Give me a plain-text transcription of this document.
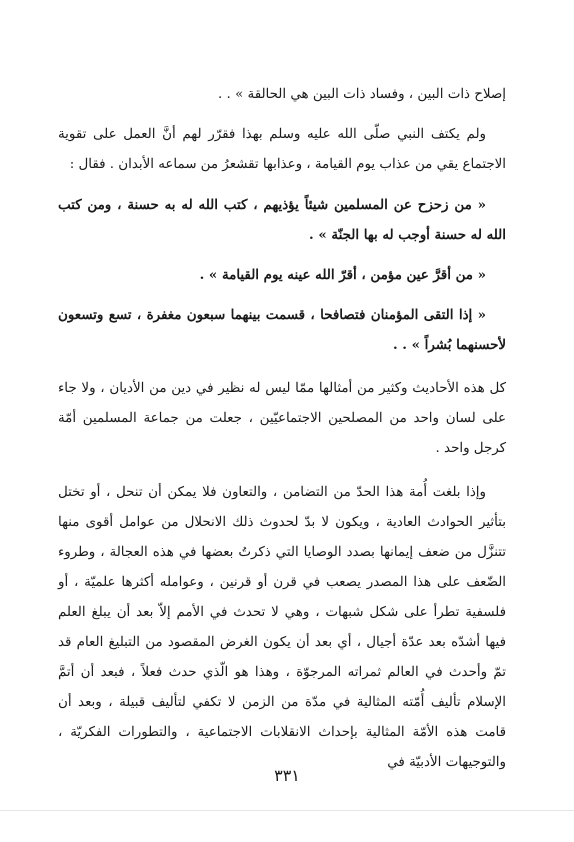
إصلاح ذات البين ، وفساد ذات البين هي الحالقة » . .

ولم يكتف النبي صلّى الله عليه وسلم بهذا فقرّر لهم أنَّ العمل على تقوية الاجتماع يقي من عذاب يوم القيامة ، وعذابها تقشعرُ من سماعه الأبدان . فقال :

« من زحزح عن المسلمين شيئاً يؤذيهم ، كتب الله له به حسنة ، ومن كتب الله له حسنة أوجب له بها الجنّة » .

« من أقرَّ عين مؤمن ، أقرّ الله عينه يوم القيامة » .

« إذا التقى المؤمنان فتصافحا ، قسمت بينهما سبعون مغفرة ، تسع وتسعون لأحسنهما بُشراً » . .

كل هذه الأحاديث وكثير من أمثالها ممّا ليس له نظير في دين من الأديان ، ولا جاء على لسان واحد من المصلحين الاجتماعيّين ، جعلت من جماعة المسلمين أمّة كرجل واحد .

وإذا بلغت أُمة هذا الحدّ من التضامن ، والتعاون فلا يمكن أن تنحل ، أو تختل بتأثير الحوادث العادية ، ويكون لا بدّ لحدوث ذلك الانحلال من عوامل أقوى منها تتنزَّل من ضعف إيمانها بصدد الوصايا التي ذكرتُ بعضها في هذه العجالة ، وطروء الضّعف على هذا المصدر يصعب في قرن أو قرنين ، وعوامله أكثرها علميّة ، أو فلسفية تطرأ على شكل شبهات ، وهي لا تحدث في الأمم إلاّ بعد أن يبلغ العلم فيها أشدّه بعد عدّة أجيال ، أي بعد أن يكون الغرض المقصود من التبليغ العام قد تمّ وأحدث في العالم ثمراته المرجوّة ، وهذا هو الّذي حدث فعلاً ، فبعد أن أتمَّ الإسلام تأليف أُمّته المثالية في مدّة من الزمن لا تكفي لتأليف قبيلة ، وبعد أن قامت هذه الأمّة المثالية بإحداث الانقلابات الاجتماعية ، والتطورات الفكريّة ، والتوجيهات الأدبيّة في

٣٣١
